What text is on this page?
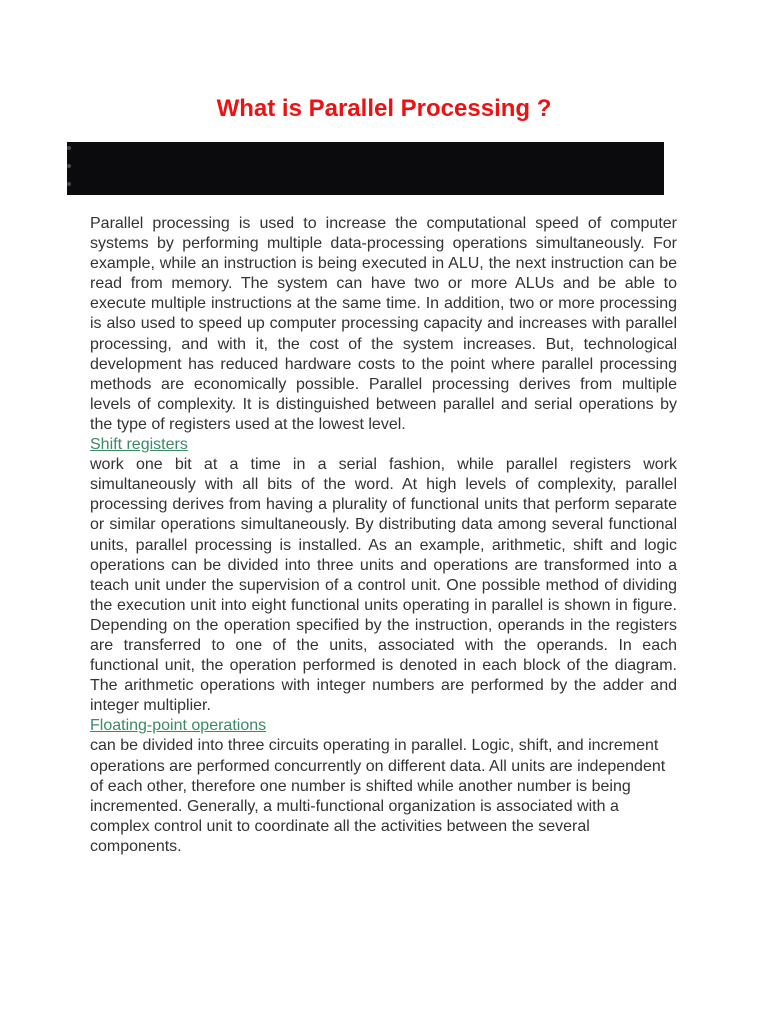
What is Parallel Processing ?

Parallel processing is used to increase the computational speed of computer systems by performing multiple data-processing operations simultaneously. For example, while an instruction is being executed in ALU, the next instruction can be read from memory. The system can have two or more ALUs and be able to execute multiple instructions at the same time. In addition, two or more processing is also used to speed up computer processing capacity and increases with parallel processing, and with it, the cost of the system increases. But, technological development has reduced hardware costs to the point where parallel processing methods are economically possible. Parallel processing derives from multiple levels of complexity. It is distinguished between parallel and serial operations by the type of registers used at the lowest level.

Shift registers

work one bit at a time in a serial fashion, while parallel registers work simultaneously with all bits of the word. At high levels of complexity, parallel processing derives from having a plurality of functional units that perform separate or similar operations simultaneously. By distributing data among several functional units, parallel processing is installed. As an example, arithmetic, shift and logic operations can be divided into three units and operations are transformed into a teach unit under the supervision of a control unit. One possible method of dividing the execution unit into eight functional units operating in parallel is shown in figure. Depending on the operation specified by the instruction, operands in the registers are transferred to one of the units, associated with the operands. In each functional unit, the operation performed is denoted in each block of the diagram. The arithmetic operations with integer numbers are performed by the adder and integer multiplier.

Floating-point operations

can be divided into three circuits operating in parallel. Logic, shift, and increment operations are performed concurrently on different data. All units are independent of each other, therefore one number is shifted while another number is being incremented. Generally, a multi-functional organization is associated with a complex control unit to coordinate all the activities between the several components.
